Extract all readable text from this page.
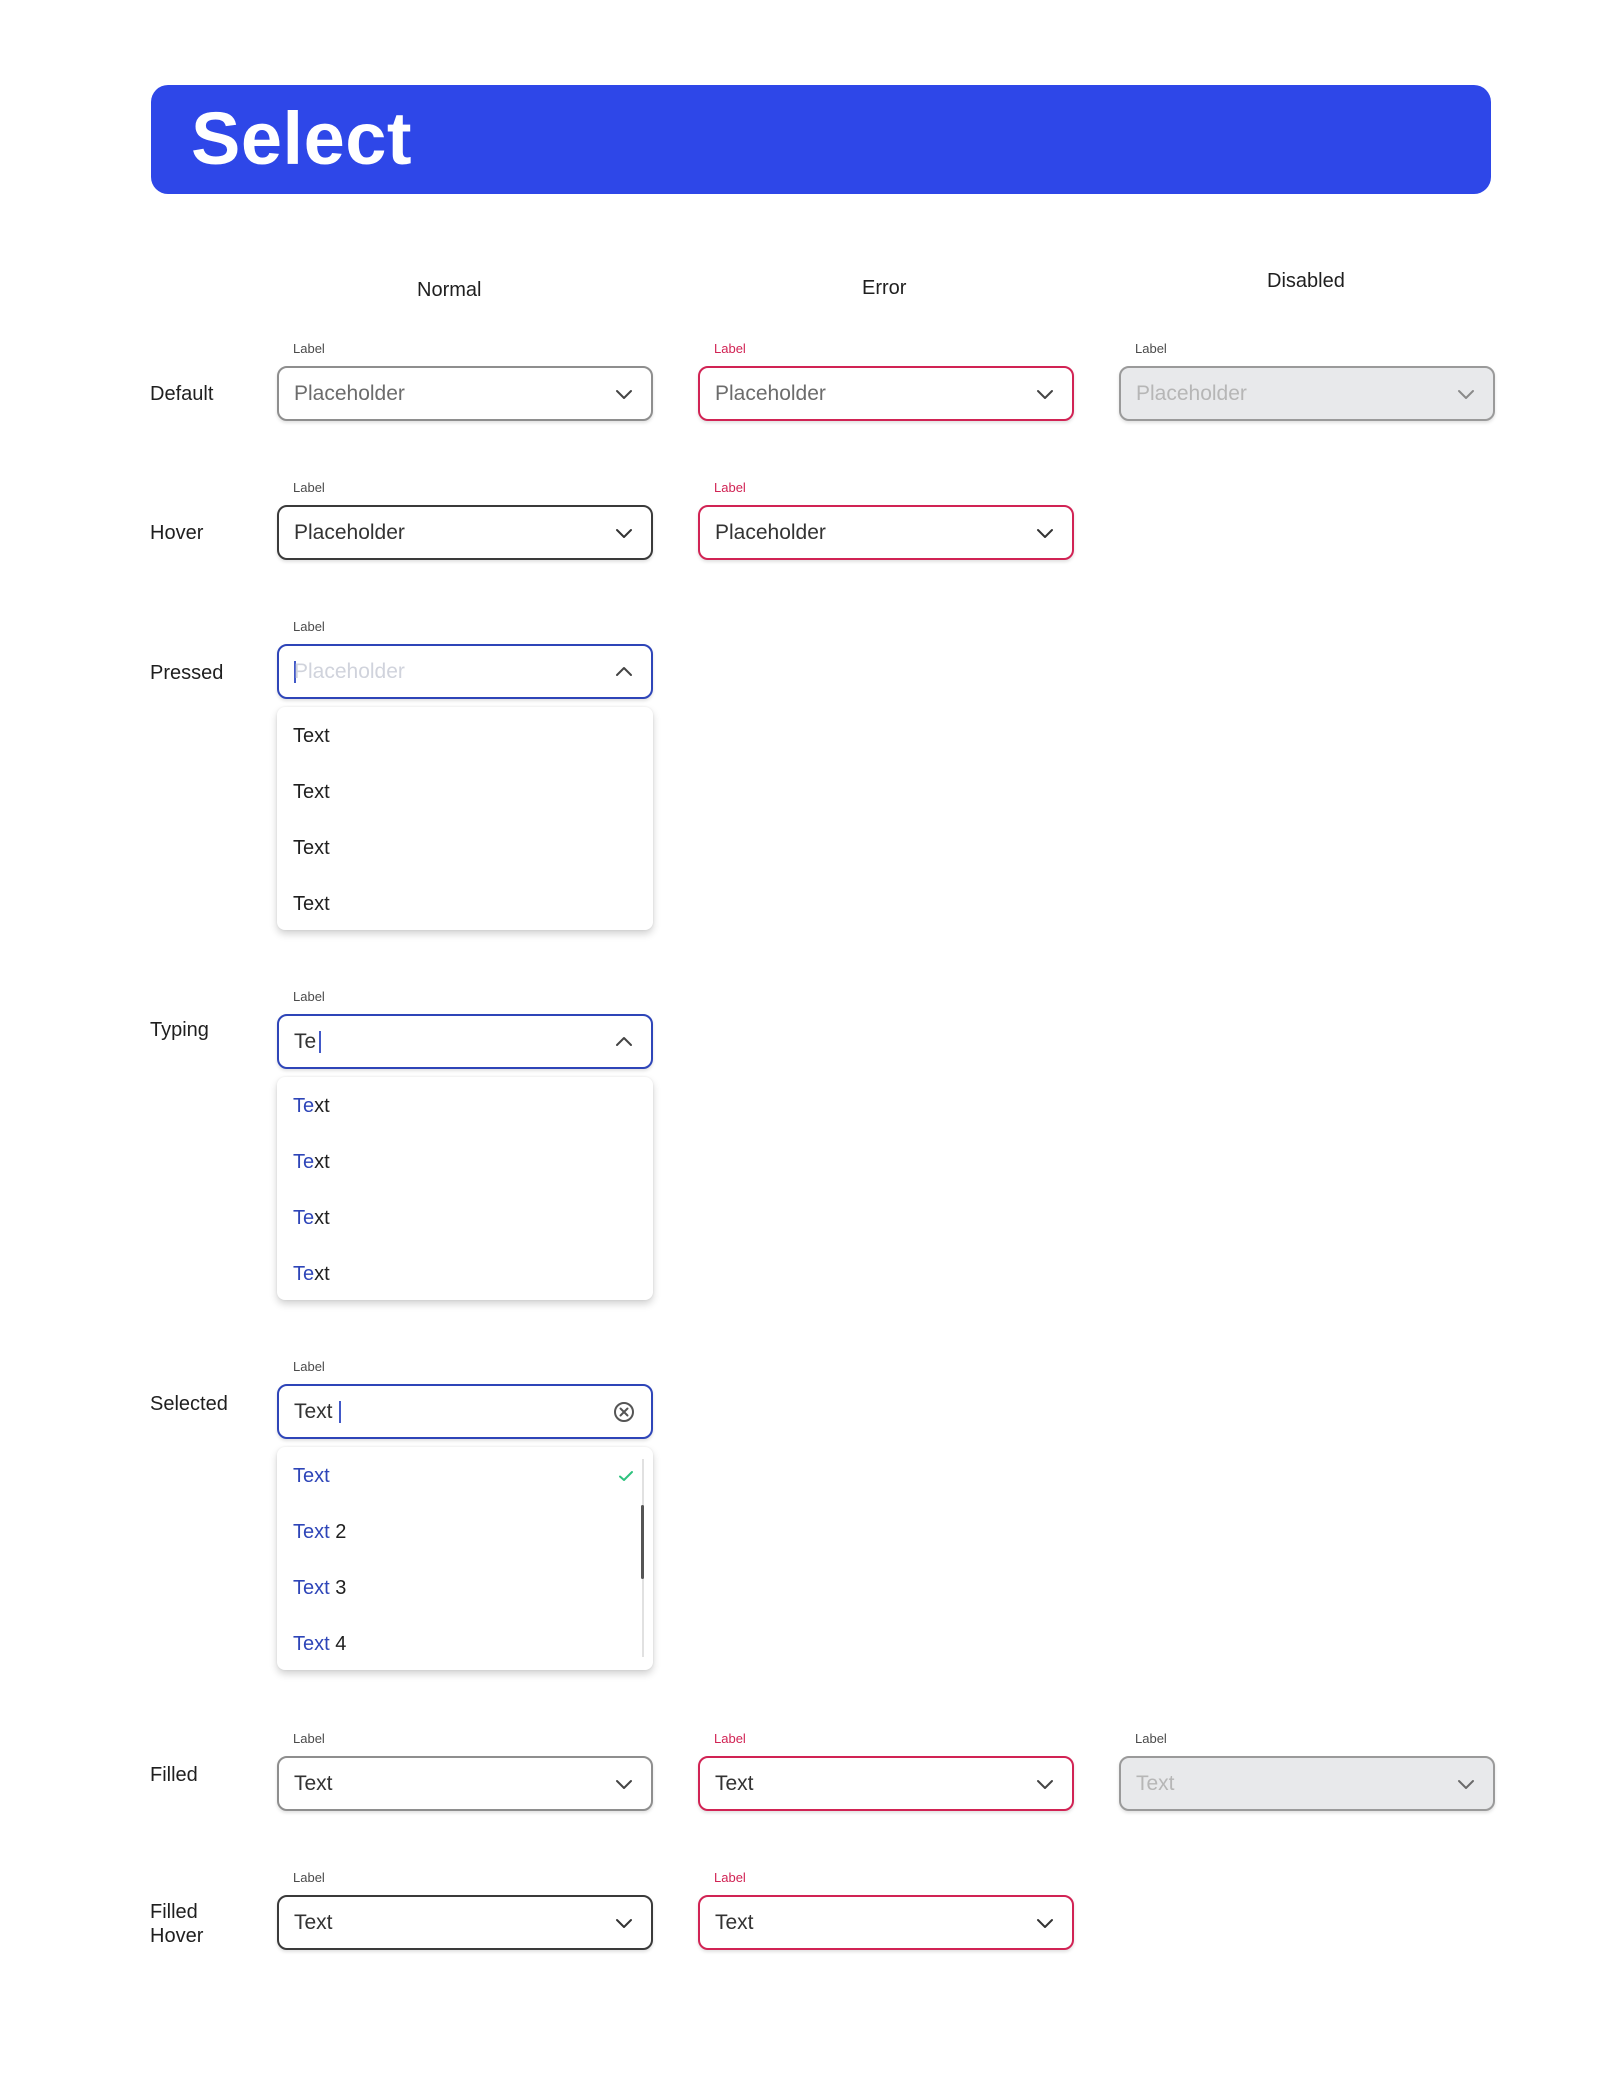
Select
Normal	Error	Disabled
Default
Hover
Pressed
Typing
Selected
Filled
Filled
Hover
Label
Placeholder
Label
Placeholder
Label
Placeholder
Label
Placeholder
Label
Placeholder
Label
Placeholder
Text
Text
Text
Text
Label
Te
Text
Text
Text
Text
Label
Text
Text
Text 2
Text 3
Text 4
Label
Text
Label
Text
Label
Text
Label
Text
Label
Text
